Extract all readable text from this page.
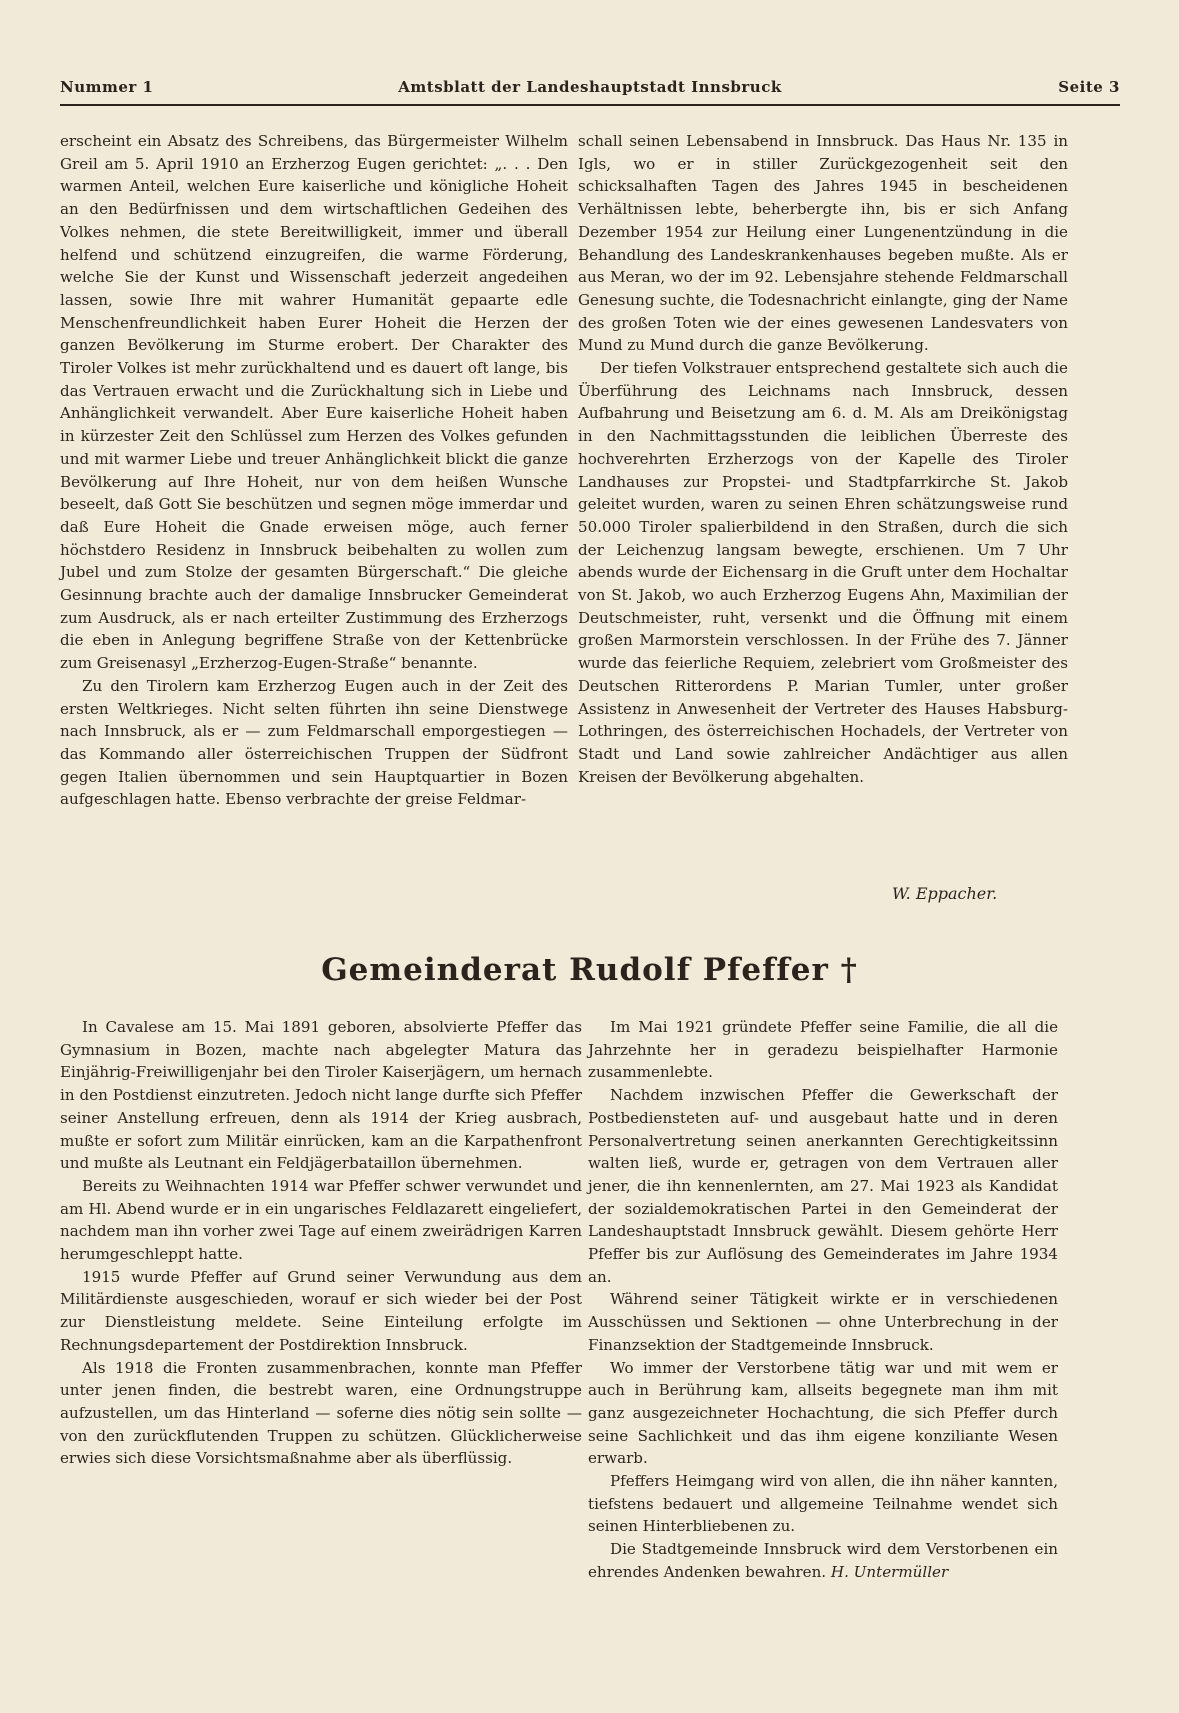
Nummer 1	Amtsblatt der Landeshauptstadt Innsbruck	Seite 3

erscheint ein Absatz des Schreibens, das Bürgermeister Wilhelm Greil am 5. April 1910 an Erzherzog Eugen gerichtet: „. . . Den warmen Anteil, welchen Eure kaiserliche und königliche Hoheit an den Bedürfnissen und dem wirtschaftlichen Gedeihen des Volkes nehmen, die stete Bereitwilligkeit, immer und überall helfend und schützend einzugreifen, die warme Förderung, welche Sie der Kunst und Wissenschaft jederzeit angedeihen lassen, sowie Ihre mit wahrer Humanität gepaarte edle Menschenfreundlichkeit haben Eurer Hoheit die Herzen der ganzen Bevölkerung im Sturme erobert. Der Charakter des Tiroler Volkes ist mehr zurückhaltend und es dauert oft lange, bis das Vertrauen erwacht und die Zurückhaltung sich in Liebe und Anhänglichkeit verwandelt. Aber Eure kaiserliche Hoheit haben in kürzester Zeit den Schlüssel zum Herzen des Volkes gefunden und mit warmer Liebe und treuer Anhänglichkeit blickt die ganze Bevölkerung auf Ihre Hoheit, nur von dem heißen Wunsche beseelt, daß Gott Sie beschützen und segnen möge immerdar und daß Eure Hoheit die Gnade erweisen möge, auch ferner höchstdero Residenz in Innsbruck beibehalten zu wollen zum Jubel und zum Stolze der gesamten Bürgerschaft.“ Die gleiche Gesinnung brachte auch der damalige Innsbrucker Gemeinderat zum Ausdruck, als er nach erteilter Zustimmung des Erzherzogs die eben in Anlegung begriffene Straße von der Kettenbrücke zum Greisenasyl „Erzherzog-Eugen-Straße“ benannte.

Zu den Tirolern kam Erzherzog Eugen auch in der Zeit des ersten Weltkrieges. Nicht selten führten ihn seine Dienstwege nach Innsbruck, als er — zum Feldmarschall emporgestiegen — das Kommando aller österreichischen Truppen der Südfront gegen Italien übernommen und sein Hauptquartier in Bozen aufgeschlagen hatte. Ebenso verbrachte der greise Feldmar-

schall seinen Lebensabend in Innsbruck. Das Haus Nr. 135 in Igls, wo er in stiller Zurückgezogenheit seit den schicksalhaften Tagen des Jahres 1945 in bescheidenen Verhältnissen lebte, beherbergte ihn, bis er sich Anfang Dezember 1954 zur Heilung einer Lungenentzündung in die Behandlung des Landeskrankenhauses begeben mußte. Als er aus Meran, wo der im 92. Lebensjahre stehende Feldmarschall Genesung suchte, die Todesnachricht einlangte, ging der Name des großen Toten wie der eines gewesenen Landesvaters von Mund zu Mund durch die ganze Bevölkerung.

Der tiefen Volkstrauer entsprechend gestaltete sich auch die Überführung des Leichnams nach Innsbruck, dessen Aufbahrung und Beisetzung am 6. d. M. Als am Dreikönigstag in den Nachmittagsstunden die leiblichen Überreste des hochverehrten Erzherzogs von der Kapelle des Tiroler Landhauses zur Propstei- und Stadtpfarrkirche St. Jakob geleitet wurden, waren zu seinen Ehren schätzungsweise rund 50.000 Tiroler spalierbildend in den Straßen, durch die sich der Leichenzug langsam bewegte, erschienen. Um 7 Uhr abends wurde der Eichensarg in die Gruft unter dem Hochaltar von St. Jakob, wo auch Erzherzog Eugens Ahn, Maximilian der Deutschmeister, ruht, versenkt und die Öffnung mit einem großen Marmorstein verschlossen. In der Frühe des 7. Jänner wurde das feierliche Requiem, zelebriert vom Großmeister des Deutschen Ritterordens P. Marian Tumler, unter großer Assistenz in Anwesenheit der Vertreter des Hauses Habsburg-Lothringen, des österreichischen Hochadels, der Vertreter von Stadt und Land sowie zahlreicher Andächtiger aus allen Kreisen der Bevölkerung abgehalten.

W. Eppacher.
Gemeinderat Rudolf Pfeffer †

In Cavalese am 15. Mai 1891 geboren, absolvierte Pfeffer das Gymnasium in Bozen, machte nach abgelegter Matura das Einjährig-Freiwilligenjahr bei den Tiroler Kaiserjägern, um hernach in den Postdienst einzutreten. Jedoch nicht lange durfte sich Pfeffer seiner Anstellung erfreuen, denn als 1914 der Krieg ausbrach, mußte er sofort zum Militär einrücken, kam an die Karpathenfront und mußte als Leutnant ein Feldjägerbataillon übernehmen.

Bereits zu Weihnachten 1914 war Pfeffer schwer verwundet und am Hl. Abend wurde er in ein ungarisches Feldlazarett eingeliefert, nachdem man ihn vorher zwei Tage auf einem zweirädrigen Karren herumgeschleppt hatte.

1915 wurde Pfeffer auf Grund seiner Verwundung aus dem Militärdienste ausgeschieden, worauf er sich wieder bei der Post zur Dienstleistung meldete. Seine Einteilung erfolgte im Rechnungsdepartement der Postdirektion Innsbruck.

Als 1918 die Fronten zusammenbrachen, konnte man Pfeffer unter jenen finden, die bestrebt waren, eine Ordnungstruppe aufzustellen, um das Hinterland — soferne dies nötig sein sollte — von den zurückflutenden Truppen zu schützen. Glücklicherweise erwies sich diese Vorsichtsmaßnahme aber als überflüssig.

Im Mai 1921 gründete Pfeffer seine Familie, die all die Jahrzehnte her in geradezu beispielhafter Harmonie zusammenlebte.

Nachdem inzwischen Pfeffer die Gewerkschaft der Postbediensteten auf- und ausgebaut hatte und in deren Personalvertretung seinen anerkannten Gerechtigkeitssinn walten ließ, wurde er, getragen von dem Vertrauen aller jener, die ihn kennenlernten, am 27. Mai 1923 als Kandidat der sozialdemokratischen Partei in den Gemeinderat der Landeshauptstadt Innsbruck gewählt. Diesem gehörte Herr Pfeffer bis zur Auflösung des Gemeinderates im Jahre 1934 an.

Während seiner Tätigkeit wirkte er in verschiedenen Ausschüssen und Sektionen — ohne Unterbrechung in der Finanzsektion der Stadtgemeinde Innsbruck.

Wo immer der Verstorbene tätig war und mit wem er auch in Berührung kam, allseits begegnete man ihm mit ganz ausgezeichneter Hochachtung, die sich Pfeffer durch seine Sachlichkeit und das ihm eigene konziliante Wesen erwarb.

Pfeffers Heimgang wird von allen, die ihn näher kannten, tiefstens bedauert und allgemeine Teilnahme wendet sich seinen Hinterbliebenen zu.

Die Stadtgemeinde Innsbruck wird dem Verstorbenen ein ehrendes Andenken bewahren. H. Untermüller
